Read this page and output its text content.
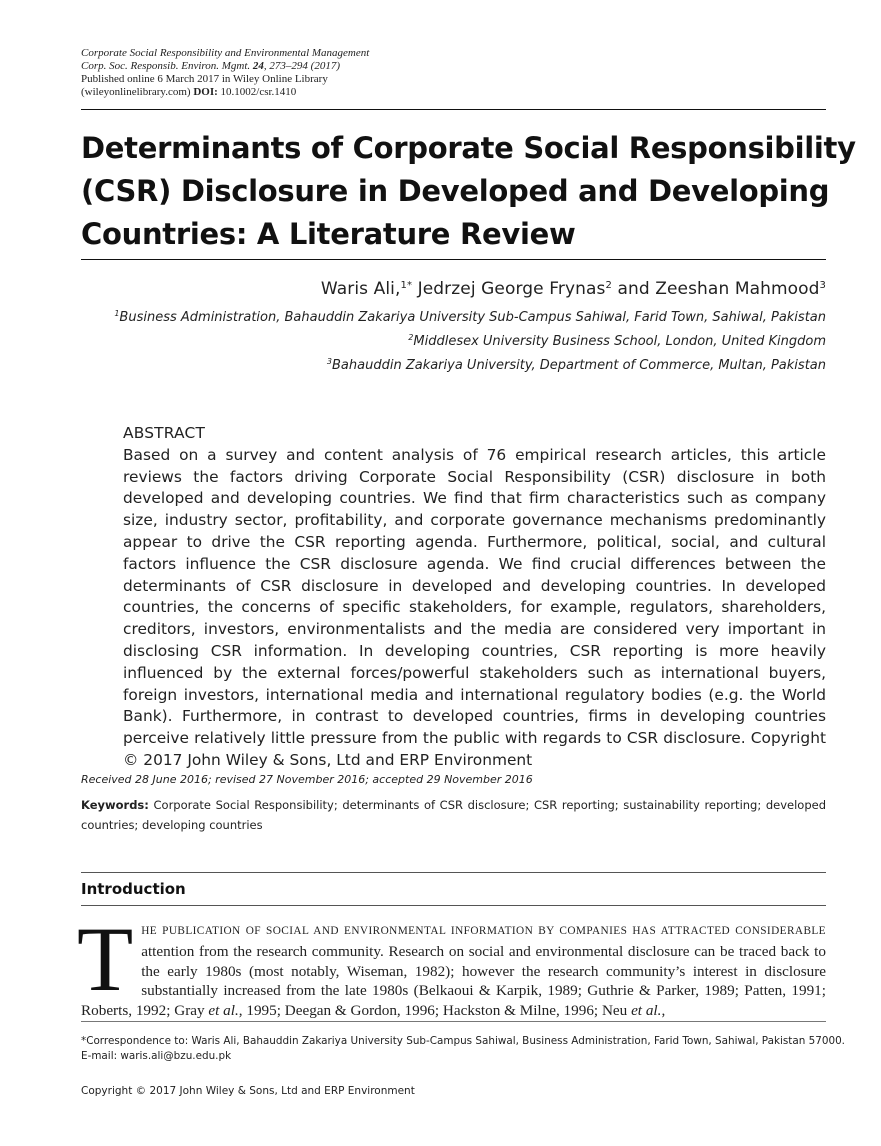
Corporate Social Responsibility and Environmental Management
Corp. Soc. Responsib. Environ. Mgmt. 24, 273–294 (2017)
Published online 6 March 2017 in Wiley Online Library
(wileyonlinelibrary.com) DOI: 10.1002/csr.1410
Determinants of Corporate Social Responsibility
(CSR) Disclosure in Developed and Developing
Countries: A Literature Review
Waris Ali,$^{1*}$ Jedrzej George Frynas$^2$ and Zeeshan Mahmood$^3$
$^1$Business Administration, Bahauddin Zakariya University Sub-Campus Sahiwal, Farid Town, Sahiwal, Pakistan
$^2$Middlesex University Business School, London, United Kingdom
$^3$Bahauddin Zakariya University, Department of Commerce, Multan, Pakistan
ABSTRACT
Based on a survey and content analysis of 76 empirical research articles, this article reviews the factors driving Corporate Social Responsibility (CSR) disclosure in both developed and developing countries. We find that firm characteristics such as company size, industry sector, profitability, and corporate governance mechanisms predominantly appear to drive the CSR reporting agenda. Furthermore, political, social, and cultural factors influence the CSR disclosure agenda. We find crucial differences between the determinants of CSR disclosure in developed and developing countries. In developed countries, the concerns of specific stakeholders, for example, regulators, shareholders, creditors, investors, environmentalists and the media are considered very important in disclosing CSR information. In developing countries, CSR reporting is more heavily influenced by the external forces/powerful stakeholders such as international buyers, foreign investors, international media and international regulatory bodies (e.g. the World Bank). Furthermore, in contrast to developed countries, firms in developing countries perceive relatively little pressure from the public with regards to CSR disclosure. Copyright © 2017 John Wiley & Sons, Ltd and ERP Environment
Received 28 June 2016; revised 27 November 2016; accepted 29 November 2016
Keywords: Corporate Social Responsibility; determinants of CSR disclosure; CSR reporting; sustainability reporting; developed countries; developing countries
Introduction
T HE PUBLICATION OF SOCIAL AND ENVIRONMENTAL INFORMATION BY COMPANIES HAS ATTRACTED CONSIDERABLE attention from the research community. Research on social and environmental disclosure can be traced back to the early 1980s (most notably, Wiseman, 1982); however the research community’s interest in disclosure substantially increased from the late 1980s (Belkaoui & Karpik, 1989; Guthrie & Parker, 1989; Patten, 1991; Roberts, 1992; Gray et al., 1995; Deegan & Gordon, 1996; Hackston & Milne, 1996; Neu et al.,

*Correspondence to: Waris Ali, Bahauddin Zakariya University Sub-Campus Sahiwal, Business Administration, Farid Town, Sahiwal, Pakistan 57000.
E-mail: waris.ali@bzu.edu.pk
Copyright © 2017 John Wiley & Sons, Ltd and ERP Environment
